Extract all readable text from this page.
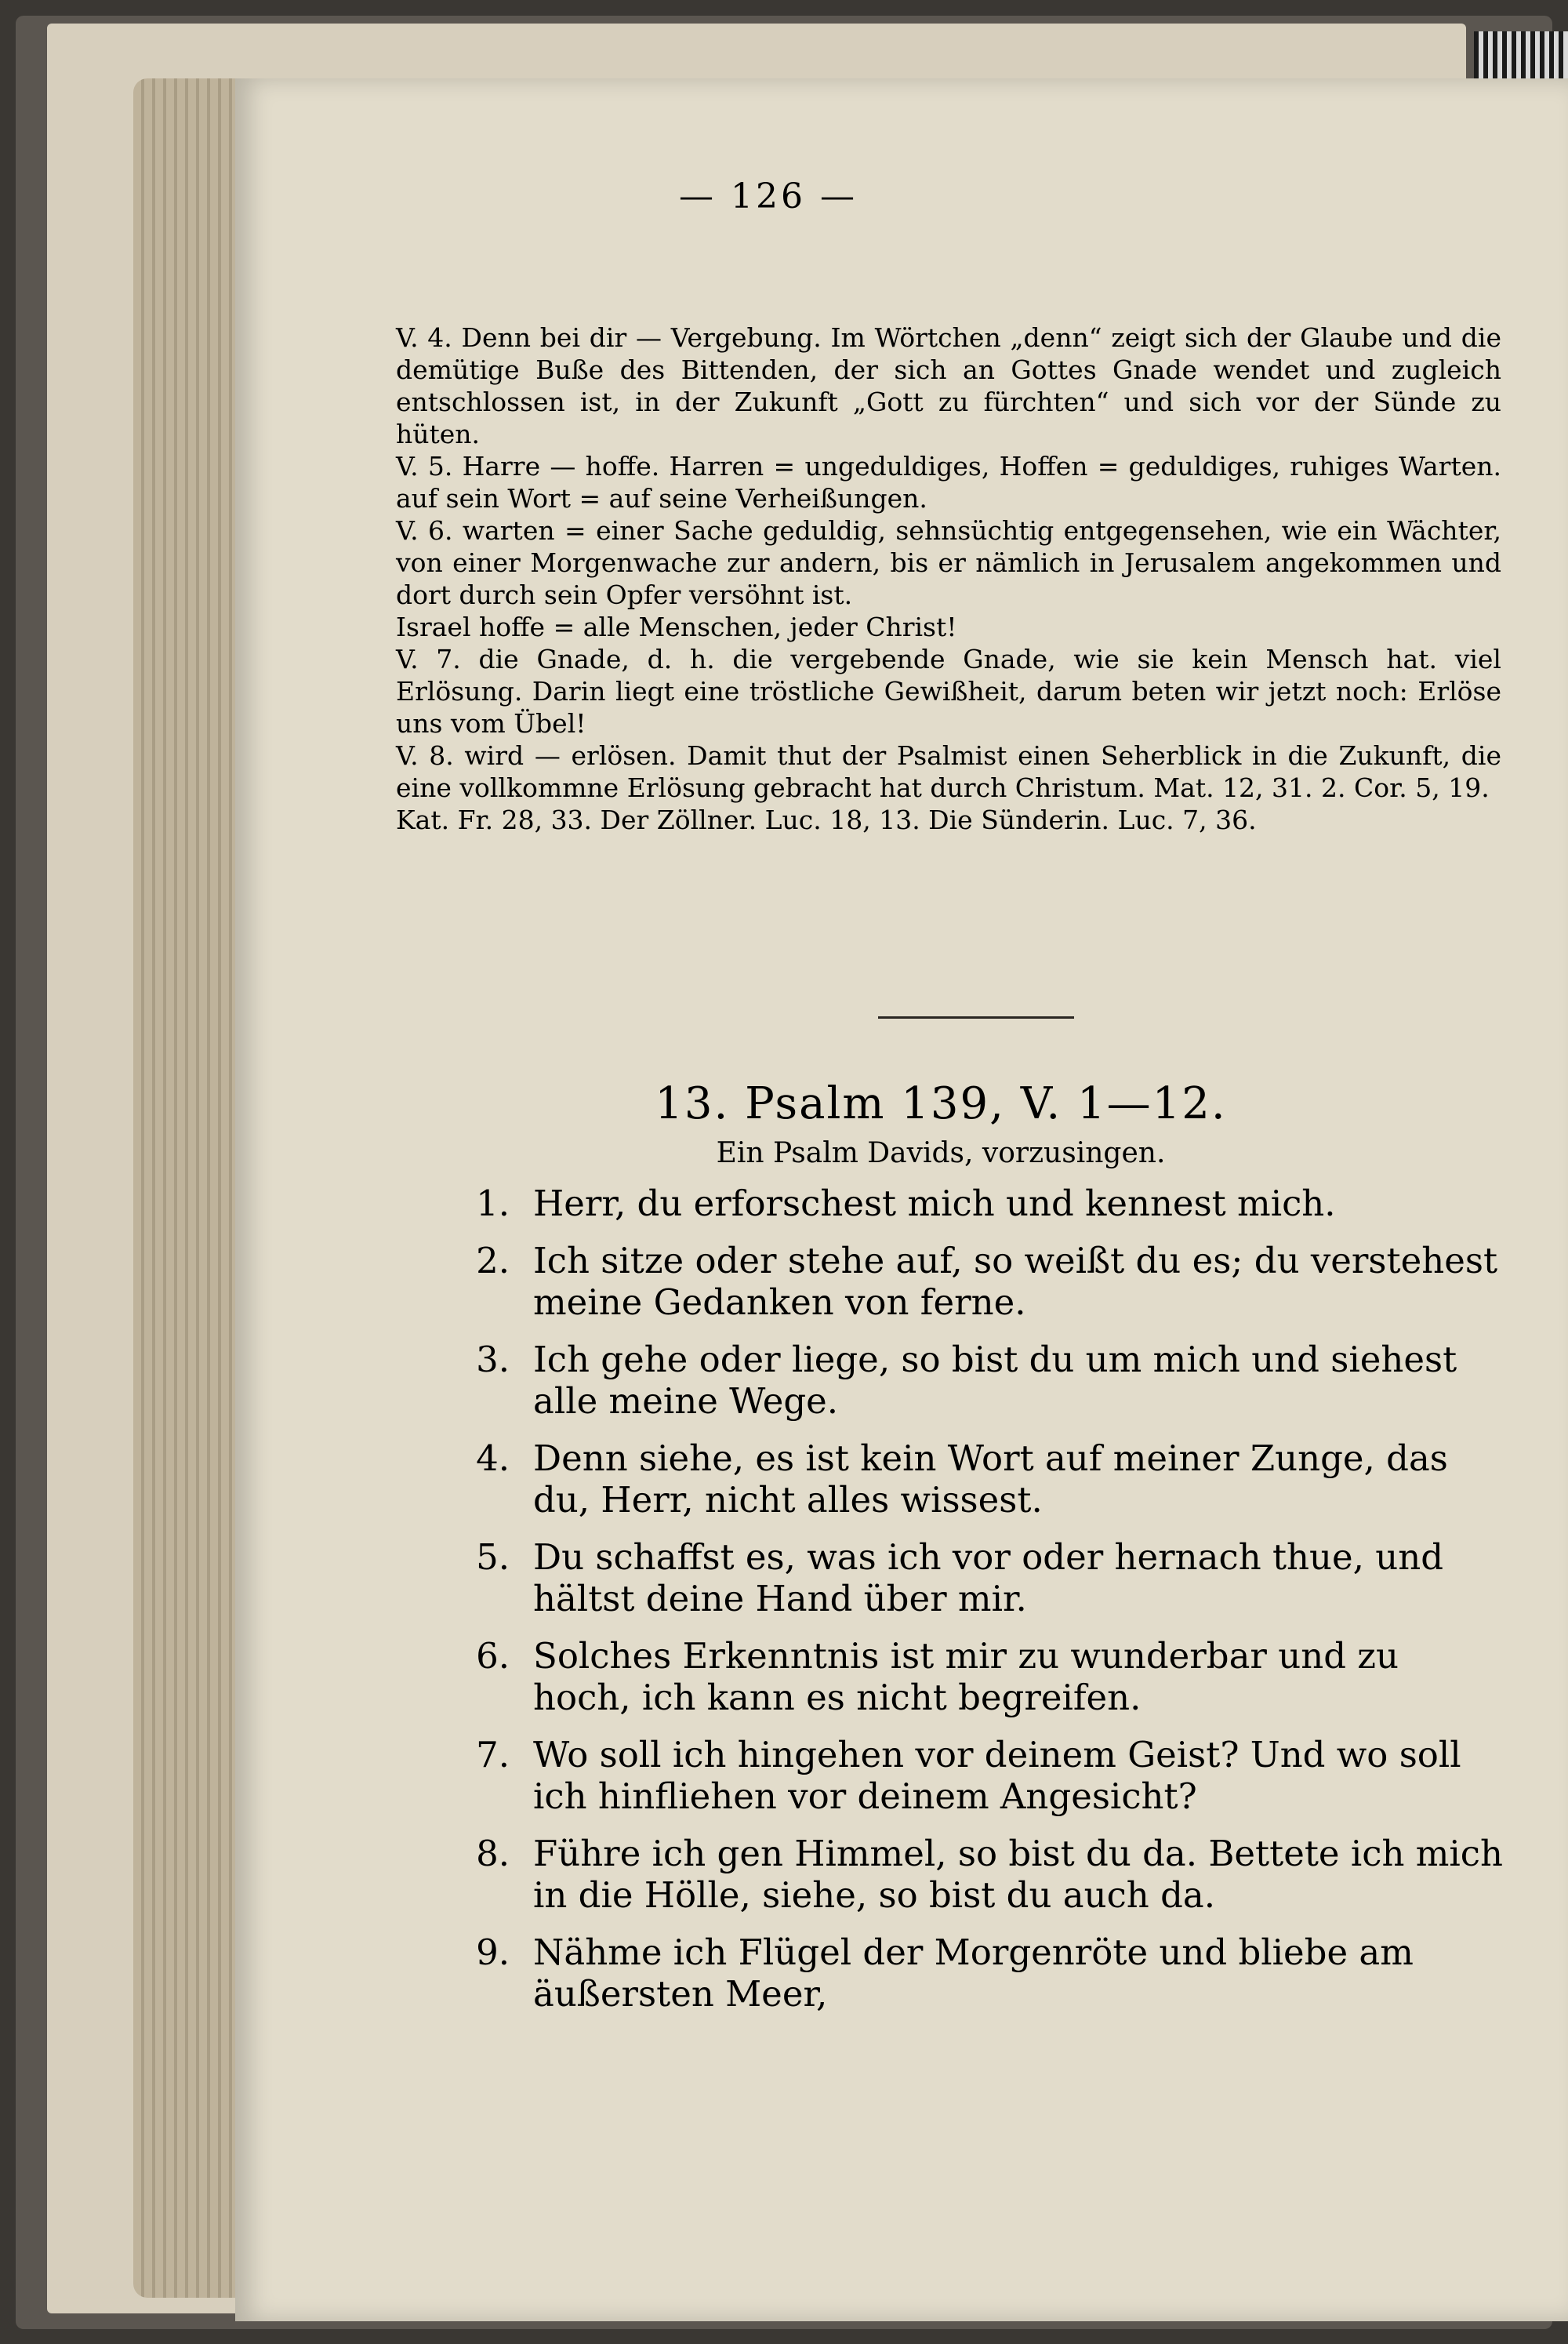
— 126 —

V. 4. Denn bei dir — Vergebung. Im Wörtchen „denn“ zeigt sich der Glaube und die demütige Buße des Bittenden, der sich an Gottes Gnade wendet und zugleich entschlossen ist, in der Zukunft „Gott zu fürchten“ und sich vor der Sünde zu hüten.

V. 5. Harre — hoffe. Harren = ungeduldiges, Hoffen = geduldiges, ruhiges Warten. auf sein Wort = auf seine Verheißungen.

V. 6. warten = einer Sache geduldig, sehnsüchtig entgegensehen, wie ein Wächter, von einer Morgenwache zur andern, bis er nämlich in Jerusalem angekommen und dort durch sein Opfer versöhnt ist.

Israel hoffe = alle Menschen, jeder Christ!

V. 7. die Gnade, d. h. die vergebende Gnade, wie sie kein Mensch hat. viel Erlösung. Darin liegt eine tröstliche Gewißheit, darum beten wir jetzt noch: Erlöse uns vom Übel!

V. 8. wird — erlösen. Damit thut der Psalmist einen Seherblick in die Zukunft, die eine vollkommne Erlösung gebracht hat durch Christum. Mat. 12, 31. 2. Cor. 5, 19.

Kat. Fr. 28, 33. Der Zöllner. Luc. 18, 13. Die Sünderin. Luc. 7, 36.

13. Psalm 139, V. 1—12.
Ein Psalm Davids, vorzusingen.
1. Herr, du erforschest mich und kennest mich.
2. Ich sitze oder stehe auf, so weißt du es; du verstehest meine Gedanken von ferne.
3. Ich gehe oder liege, so bist du um mich und siehest alle meine Wege.
4. Denn siehe, es ist kein Wort auf meiner Zunge, das du, Herr, nicht alles wissest.
5. Du schaffst es, was ich vor oder hernach thue, und hältst deine Hand über mir.
6. Solches Erkenntnis ist mir zu wunderbar und zu hoch, ich kann es nicht begreifen.
7. Wo soll ich hingehen vor deinem Geist? Und wo soll ich hinfliehen vor deinem Angesicht?
8. Führe ich gen Himmel, so bist du da. Bettete ich mich in die Hölle, siehe, so bist du auch da.
9. Nähme ich Flügel der Morgenröte und bliebe am äußersten Meer,
